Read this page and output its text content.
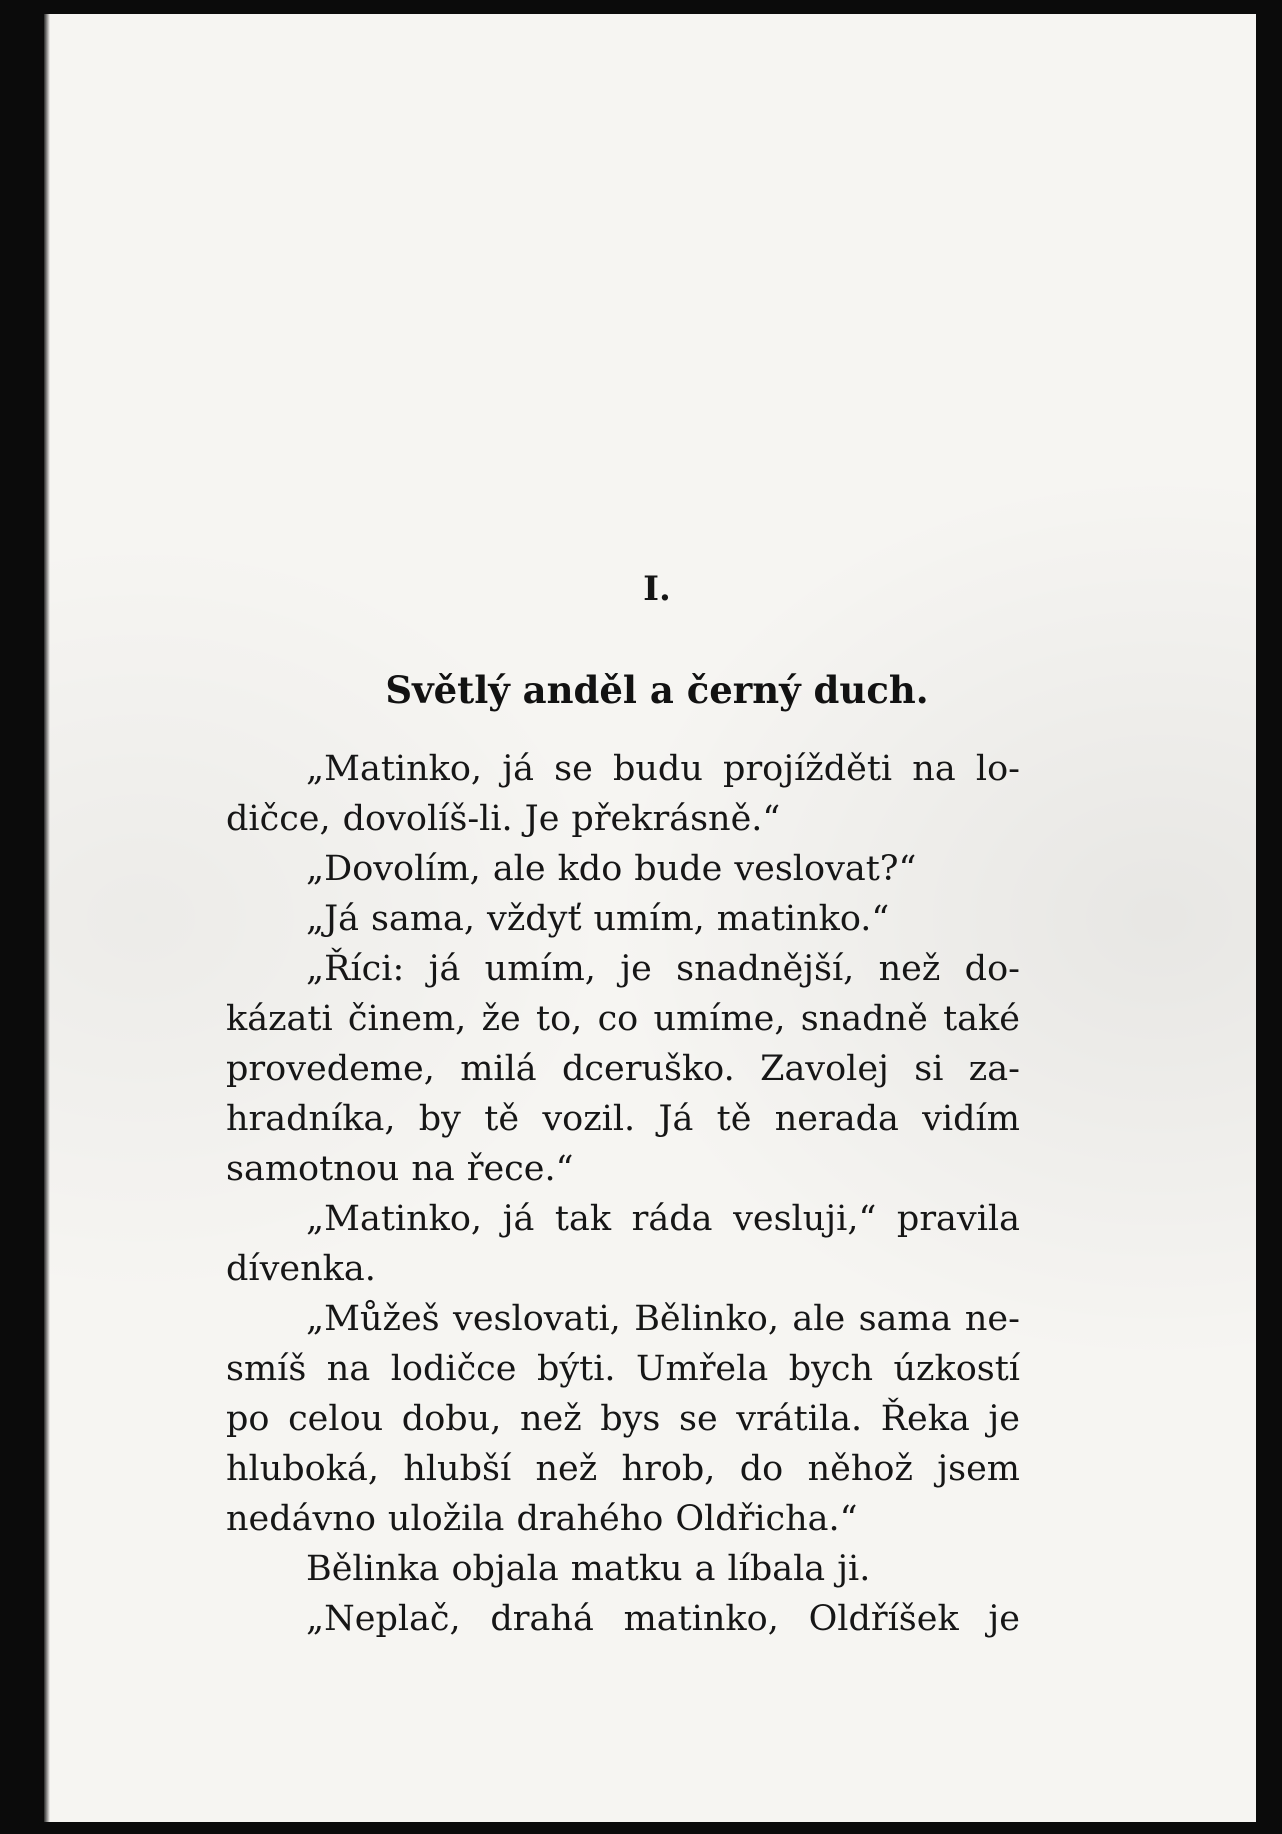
I.
Světlý anděl a černý duch.
„Matinko, já se budu projížděti na lo-
dičce, dovolíš-li. Je překrásně.“
„Dovolím, ale kdo bude veslovat?“
„Já sama, vždyť umím, matinko.“
„Říci: já umím, je snadnější, než do-
kázati činem, že to, co umíme, snadně také
provedeme, milá dceruško. Zavolej si za-
hradníka, by tě vozil. Já tě nerada vidím
samotnou na řece.“
„Matinko, já tak ráda vesluji,“ pravila
dívenka.
„Můžeš veslovati, Bělinko, ale sama ne-
smíš na lodičce býti. Umřela bych úzkostí
po celou dobu, než bys se vrátila. Řeka je
hluboká, hlubší než hrob, do něhož jsem
nedávno uložila drahého Oldřicha.“
Bělinka objala matku a líbala ji.
„Neplač, drahá matinko, Oldříšek je
